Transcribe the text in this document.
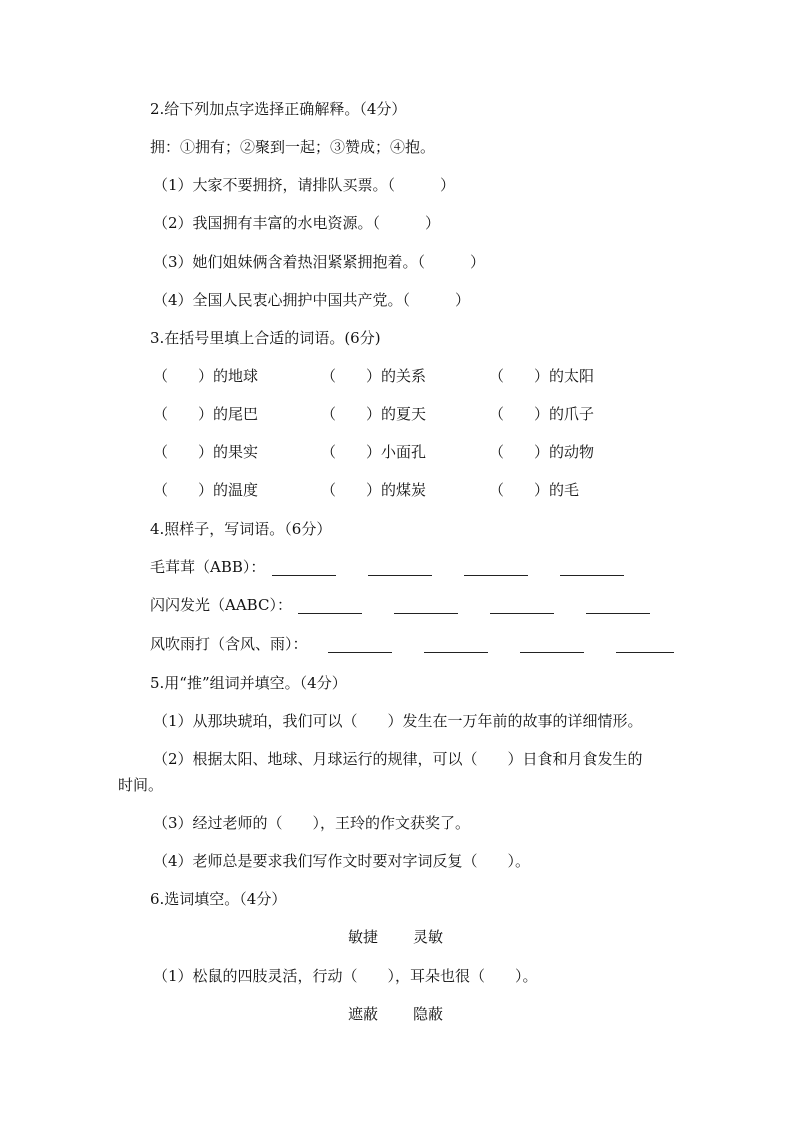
2.给下列加点字选择正确解释。（4分）
拥：①拥有；②聚到一起；③赞成；④抱。
（1）大家不要拥挤，请排队买票。（　　　）
（2）我国拥有丰富的水电资源。（　　　）
（3）她们姐妹俩含着热泪紧紧拥抱着。（　　　）
（4）全国人民衷心拥护中国共产党。（　　　）
3.在括号里填上合适的词语。(6分)
（　　）的地球	（　　）的关系	（　　）的太阳
（　　）的尾巴	（　　）的夏天	（　　）的爪子
（　　）的果实	（　　）小面孔	（　　）的动物
（　　）的温度	（　　）的煤炭	（　　）的毛
4.照样子，写词语。（6分）
毛茸茸（ABB）：
闪闪发光（AABC）：
风吹雨打（含风、雨）：
5.用“推”组词并填空。（4分）
（1）从那块琥珀，我们可以（　　）发生在一万年前的故事的详细情形。
（2）根据太阳、地球、月球运行的规律，可以（　　）日食和月食发生的
时间。
（3）经过老师的（　　），王玲的作文获奖了。
（4）老师总是要求我们写作文时要对字词反复（　　）。
6.选词填空。（4分）
敏捷 灵敏
（1）松鼠的四肢灵活，行动（　　），耳朵也很（　　）。
遮蔽 隐蔽
